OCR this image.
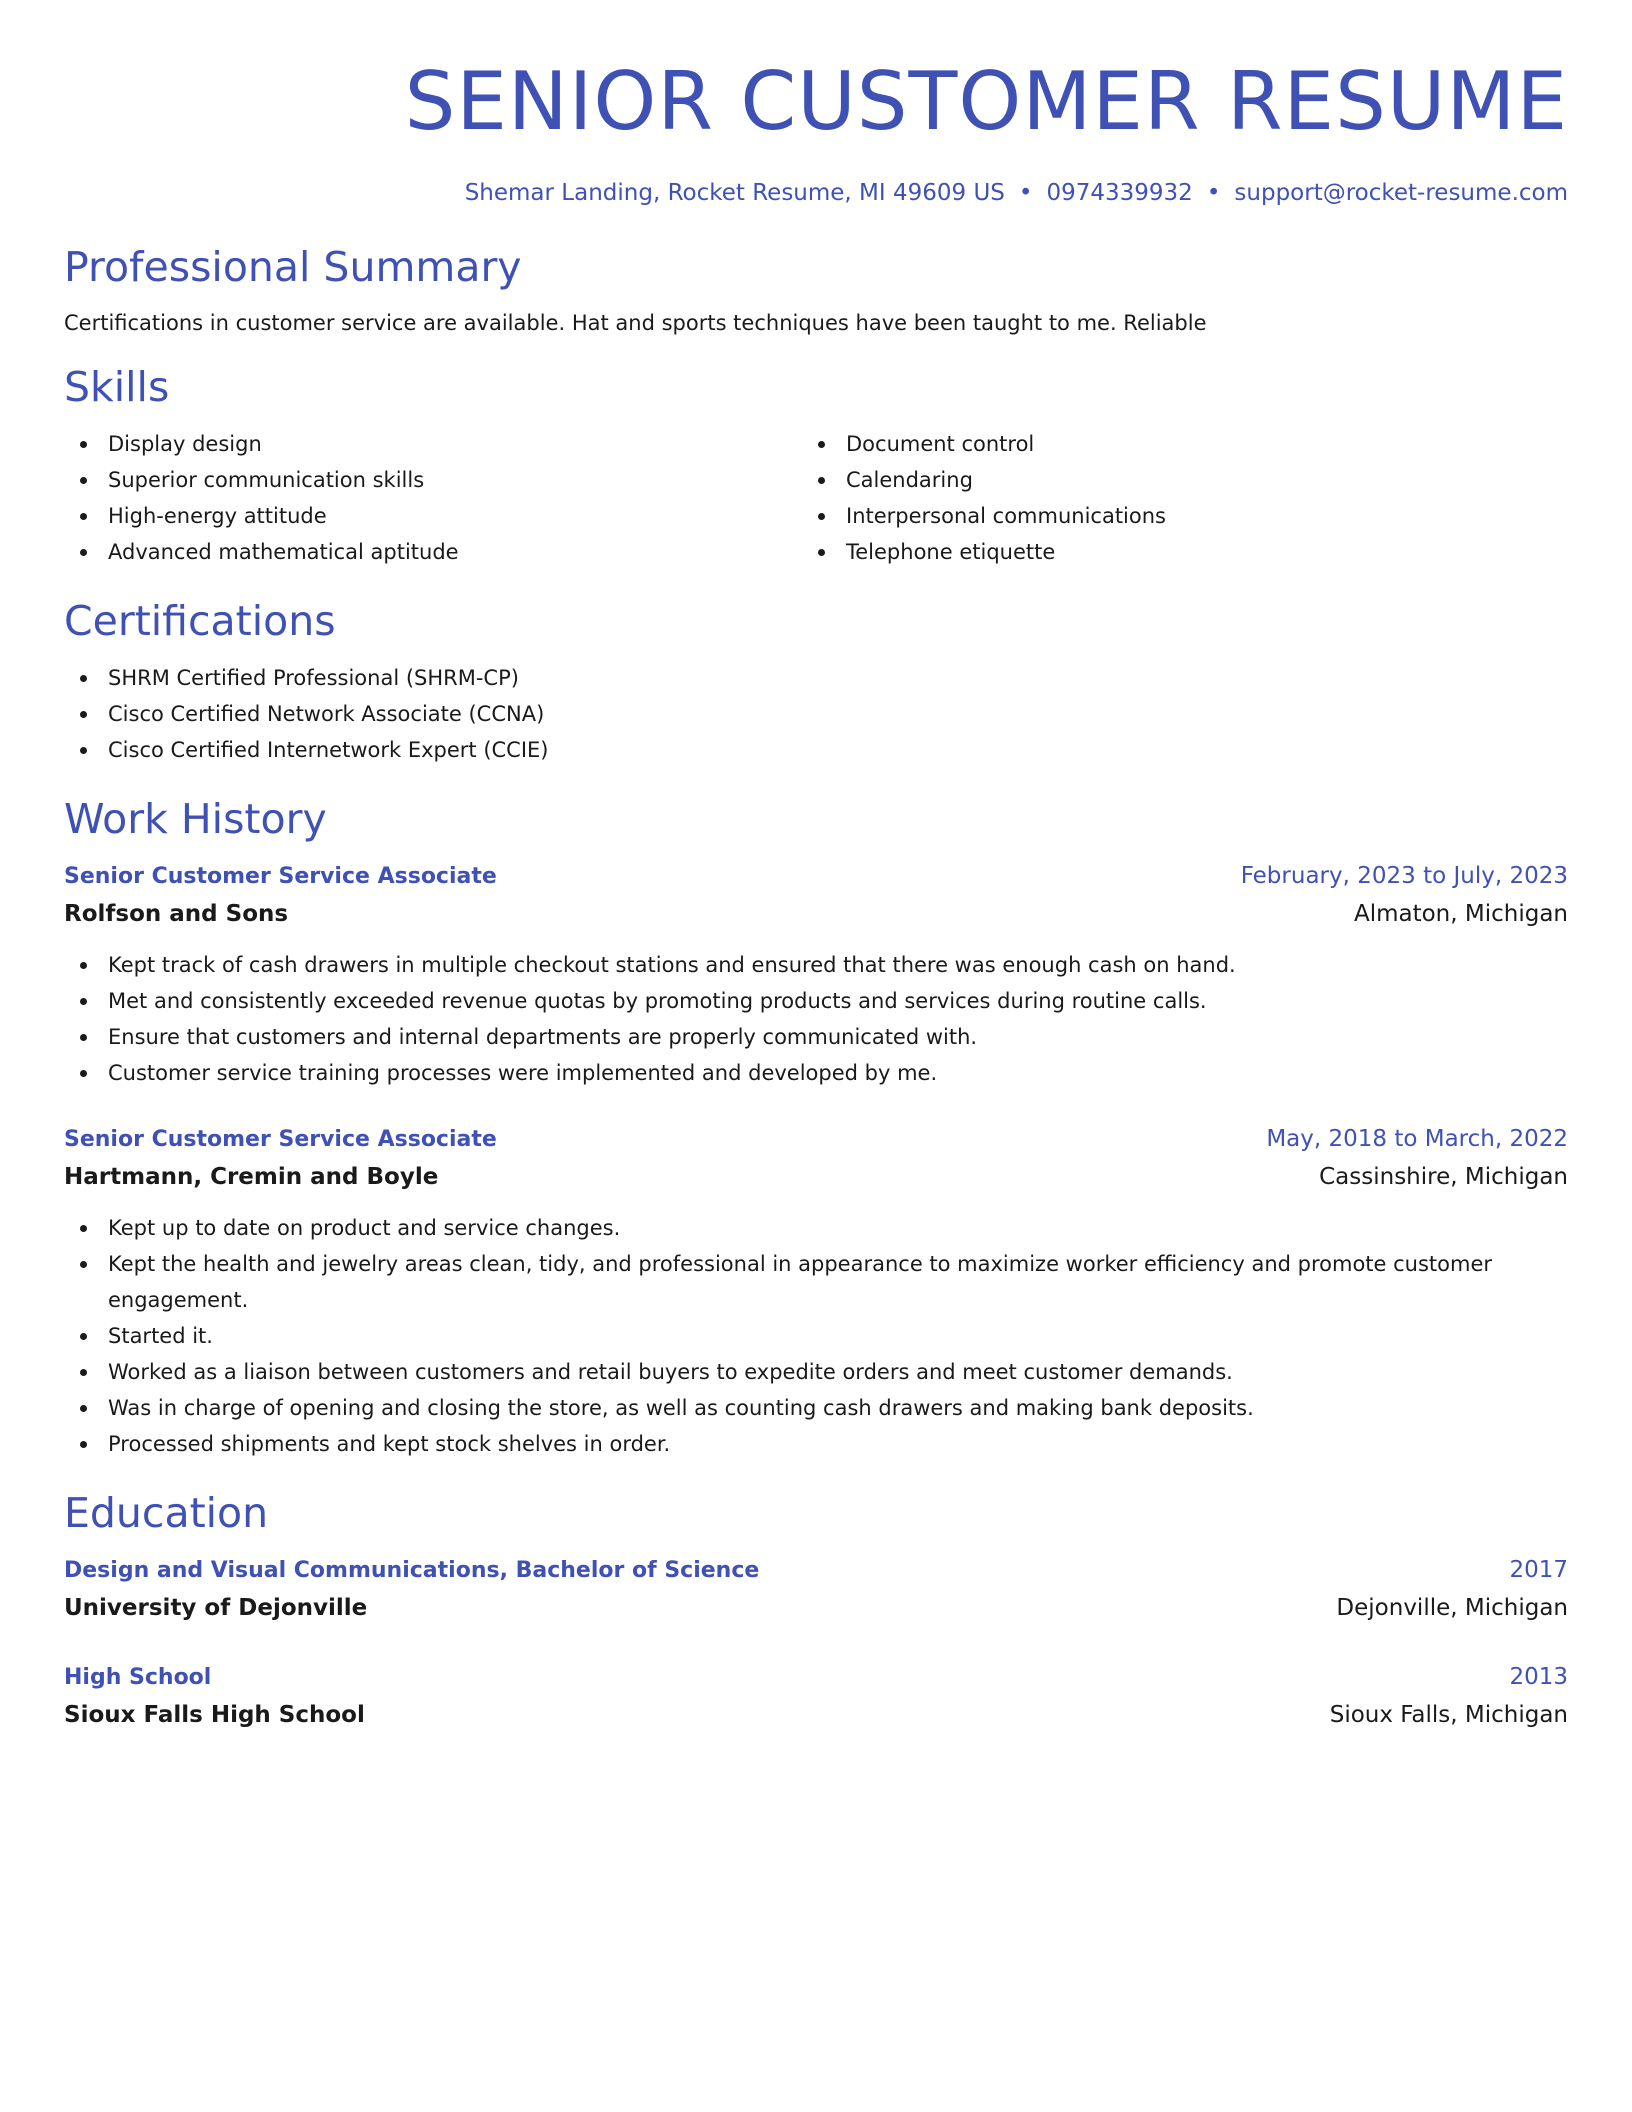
SENIOR CUSTOMER RESUME
Shemar Landing, Rocket Resume, MI 49609 US • 0974339932 • support@rocket-resume.com
Professional Summary
Certifications in customer service are available. Hat and sports techniques have been taught to me. Reliable
Skills
Display design
Superior communication skills
High-energy attitude
Advanced mathematical aptitude
Document control
Calendaring
Interpersonal communications
Telephone etiquette
Certifications
SHRM Certified Professional (SHRM-CP)
Cisco Certified Network Associate (CCNA)
Cisco Certified Internetwork Expert (CCIE)
Work History
Senior Customer Service Associate	February, 2023 to July, 2023
Rolfson and Sons	Almaton, Michigan
Kept track of cash drawers in multiple checkout stations and ensured that there was enough cash on hand.
Met and consistently exceeded revenue quotas by promoting products and services during routine calls.
Ensure that customers and internal departments are properly communicated with.
Customer service training processes were implemented and developed by me.
Senior Customer Service Associate	May, 2018 to March, 2022
Hartmann, Cremin and Boyle	Cassinshire, Michigan
Kept up to date on product and service changes.
Kept the health and jewelry areas clean, tidy, and professional in appearance to maximize worker efficiency and promote customer engagement.
Started it.
Worked as a liaison between customers and retail buyers to expedite orders and meet customer demands.
Was in charge of opening and closing the store, as well as counting cash drawers and making bank deposits.
Processed shipments and kept stock shelves in order.
Education
Design and Visual Communications, Bachelor of Science	2017
University of Dejonville	Dejonville, Michigan
High School	2013
Sioux Falls High School	Sioux Falls, Michigan
